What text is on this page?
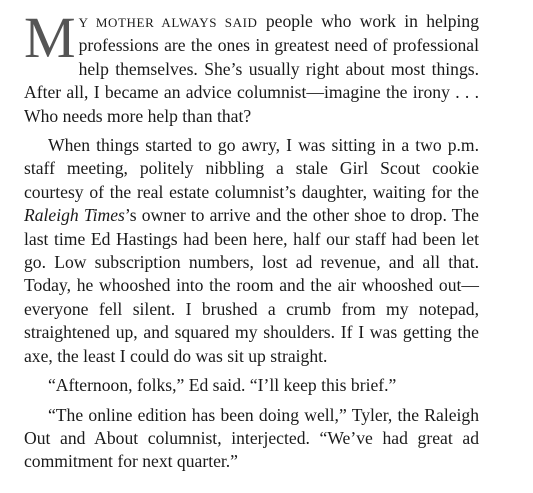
M Y MOTHER ALWAYS SAID people who work in helping professions are the ones in greatest need of professional help themselves. She’s usually right about most things. After all, I became an advice columnist—imagine the irony . . . Who needs more help than that?

When things started to go awry, I was sitting in a two p.m. staff meeting, politely nibbling a stale Girl Scout cookie courtesy of the real estate columnist’s daughter, waiting for the Raleigh Times’s owner to arrive and the other shoe to drop. The last time Ed Hastings had been here, half our staff had been let go. Low subscription numbers, lost ad revenue, and all that. Today, he whooshed into the room and the air whooshed out—everyone fell silent. I brushed a crumb from my notepad, straightened up, and squared my shoulders. If I was getting the axe, the least I could do was sit up straight.

“Afternoon, folks,” Ed said. “I’ll keep this brief.”

“The online edition has been doing well,” Tyler, the Raleigh Out and About columnist, interjected. “We’ve had great ad commitment for next quarter.”
